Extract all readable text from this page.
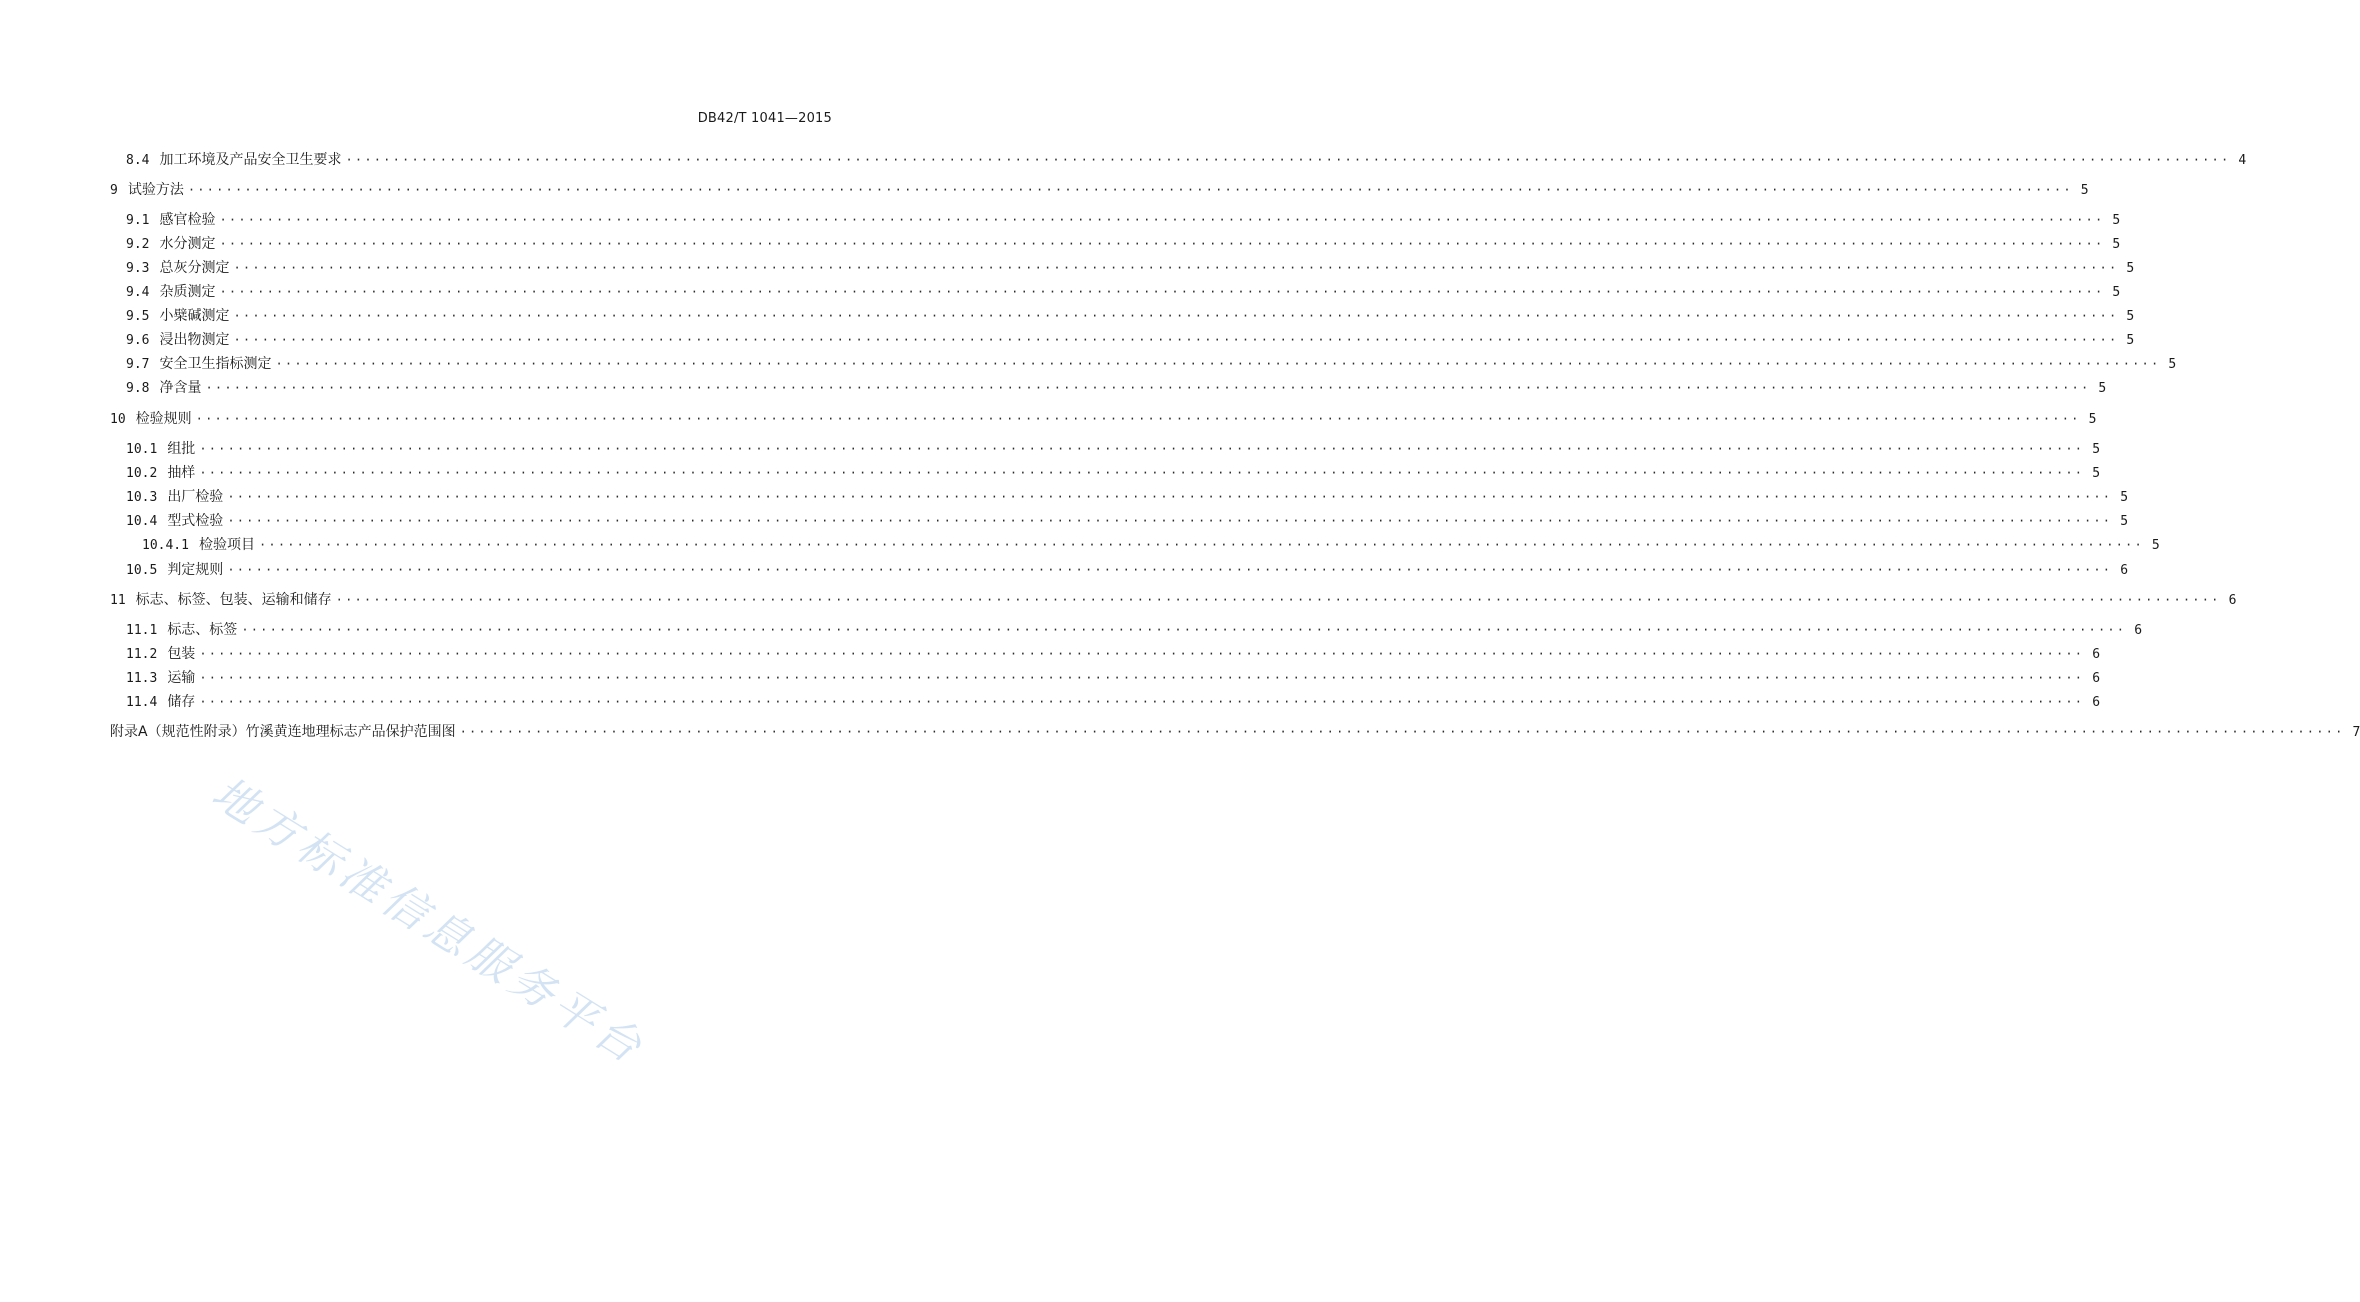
DB42/T 1041—2015
8.4 加工环境及产品安全卫生要求 ········································································································································································································ 4
9 试验方法 ········································································································································································································ 5
9.1 感官检验 ········································································································································································································ 5
9.2 水分测定 ········································································································································································································ 5
9.3 总灰分测定 ········································································································································································································ 5
9.4 杂质测定 ········································································································································································································ 5
9.5 小檗碱测定 ········································································································································································································ 5
9.6 浸出物测定 ········································································································································································································ 5
9.7 安全卫生指标测定 ········································································································································································································ 5
9.8 净含量 ········································································································································································································ 5
10 检验规则 ········································································································································································································ 5
10.1 组批 ········································································································································································································ 5
10.2 抽样 ········································································································································································································ 5
10.3 出厂检验 ········································································································································································································ 5
10.4 型式检验 ········································································································································································································ 5
10.4.1 检验项目 ········································································································································································································ 5
10.5 判定规则 ········································································································································································································ 6
11 标志、标签、包装、运输和储存 ········································································································································································································ 6
11.1 标志、标签 ········································································································································································································ 6
11.2 包装 ········································································································································································································ 6
11.3 运输 ········································································································································································································ 6
11.4 储存 ········································································································································································································ 6
附录A（规范性附录）竹溪黄连地理标志产品保护范围图 ········································································································································································································ 7
地方标准信息服务平台
